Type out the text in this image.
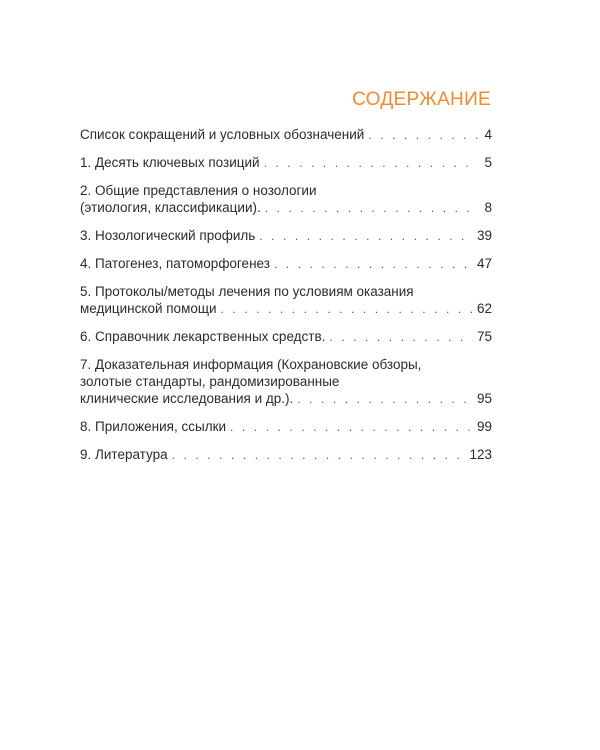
СОДЕРЖАНИЕ
Список сокращений и условных обозначений . . .	4
1. Десять ключевых позиций . . .	5
2. Общие представления о нозологии
(этиология, классификации). . . .	8
3. Нозологический профиль . . .	39
4. Патогенез, патоморфогенез . . .	47
5. Протоколы/методы лечения по условиям оказания
медицинской помощи . . .	62
6. Справочник лекарственных средств. . . .	75
7. Доказательная информация (Кохрановские обзоры,
золотые стандарты, рандомизированные
клинические исследования и др.). . . .	95
8. Приложения, ссылки . . .	99
9. Литература . . .	123
